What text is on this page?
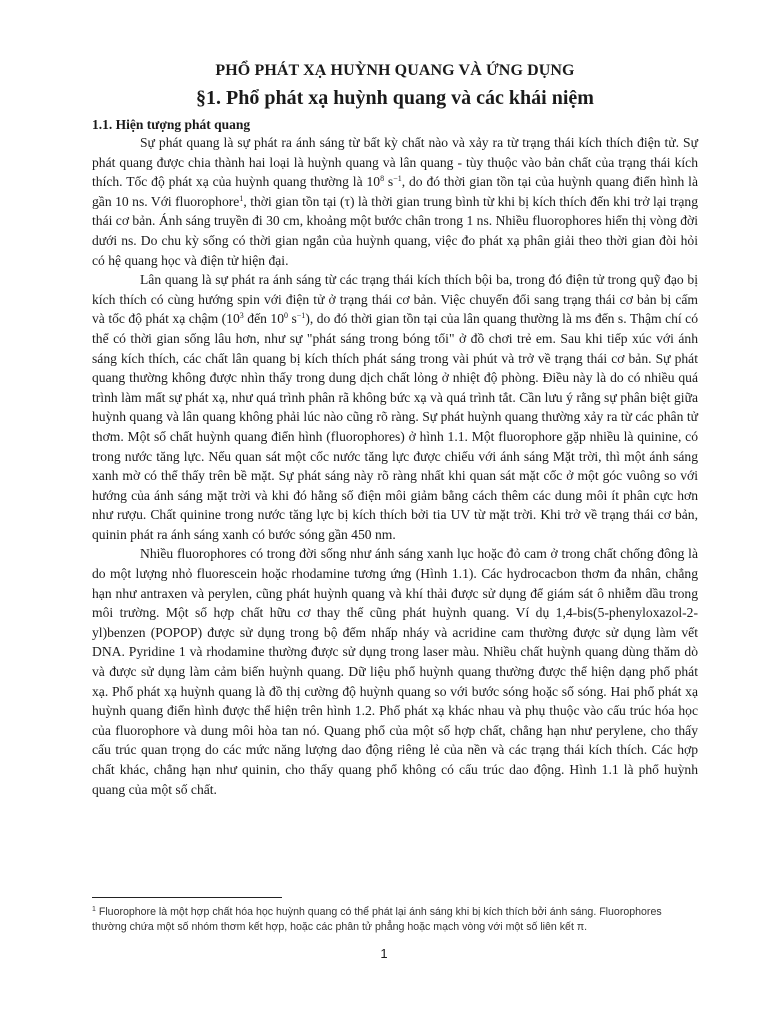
PHỔ PHÁT XẠ HUỲNH QUANG VÀ ỨNG DỤNG
§1. Phổ phát xạ huỳnh quang và các khái niệm
1.1. Hiện tượng phát quang

Sự phát quang là sự phát ra ánh sáng từ bất kỳ chất nào và xảy ra từ trạng thái kích thích điện tử. Sự phát quang được chia thành hai loại là huỳnh quang và lân quang - tùy thuộc vào bản chất của trạng thái kích thích. Tốc độ phát xạ của huỳnh quang thường là $10^8$ $s^{-1}$, do đó thời gian tồn tại của huỳnh quang điển hình là gần 10 ns. Với fluorophore$^1$, thời gian tồn tại (τ) là thời gian trung bình từ khi bị kích thích đến khi trở lại trạng thái cơ bản. Ánh sáng truyền đi 30 cm, khoảng một bước chân trong 1 ns. Nhiều fluorophores hiển thị vòng đời dưới ns. Do chu kỳ sống có thời gian ngắn của huỳnh quang, việc đo phát xạ phân giải theo thời gian đòi hỏi có hệ quang học và điện tử hiện đại.

Lân quang là sự phát ra ánh sáng từ các trạng thái kích thích bội ba, trong đó điện tử trong quỹ đạo bị kích thích có cùng hướng spin với điện tử ở trạng thái cơ bản. Việc chuyển đổi sang trạng thái cơ bản bị cấm và tốc độ phát xạ chậm ($10^3$ đến $10^0$ $s^{-1}$), do đó thời gian tồn tại của lân quang thường là ms đến s. Thậm chí có thể có thời gian sống lâu hơn, như sự "phát sáng trong bóng tối" ở đồ chơi trẻ em. Sau khi tiếp xúc với ánh sáng kích thích, các chất lân quang bị kích thích phát sáng trong vài phút và trở về trạng thái cơ bản. Sự phát quang thường không được nhìn thấy trong dung dịch chất lỏng ở nhiệt độ phòng. Điều này là do có nhiều quá trình làm mất sự phát xạ, như quá trình phân rã không bức xạ và quá trình tắt. Cần lưu ý rằng sự phân biệt giữa huỳnh quang và lân quang không phải lúc nào cũng rõ ràng. Sự phát huỳnh quang thường xảy ra từ các phân tử thơm. Một số chất huỳnh quang điển hình (fluorophores) ở hình 1.1. Một fluorophore gặp nhiều là quinine, có trong nước tăng lực. Nếu quan sát một cốc nước tăng lực được chiếu với ánh sáng Mặt trời, thì một ánh sáng xanh mờ có thể thấy trên bề mặt. Sự phát sáng này rõ ràng nhất khi quan sát mặt cốc ở một góc vuông so với hướng của ánh sáng mặt trời và khi đó hằng số điện môi giảm bằng cách thêm các dung môi ít phân cực hơn như rượu. Chất quinine trong nước tăng lực bị kích thích bởi tia UV từ mặt trời. Khi trở về trạng thái cơ bản, quinin phát ra ánh sáng xanh có bước sóng gần 450 nm.

Nhiều fluorophores có trong đời sống như ánh sáng xanh lục hoặc đỏ cam ở trong chất chống đông là do một lượng nhỏ fluorescein hoặc rhodamine tương ứng (Hình 1.1). Các hydrocacbon thơm đa nhân, chẳng hạn như antraxen và perylen, cũng phát huỳnh quang và khí thải được sử dụng để giám sát ô nhiễm dầu trong môi trường. Một số hợp chất hữu cơ thay thế cũng phát huỳnh quang. Ví dụ 1,4-bis(5-phenyloxazol-2-yl)benzen (POPOP) được sử dụng trong bộ đếm nhấp nháy và acridine cam thường được sử dụng làm vết DNA. Pyridine 1 và rhodamine thường được sử dụng trong laser màu. Nhiều chất huỳnh quang dùng thăm dò và được sử dụng làm cảm biến huỳnh quang. Dữ liệu phổ huỳnh quang thường được thể hiện dạng phổ phát xạ. Phổ phát xạ huỳnh quang là đồ thị cường độ huỳnh quang so với bước sóng hoặc số sóng. Hai phổ phát xạ huỳnh quang điển hình được thể hiện trên hình 1.2. Phổ phát xạ khác nhau và phụ thuộc vào cấu trúc hóa học của fluorophore và dung môi hòa tan nó. Quang phổ của một số hợp chất, chẳng hạn như perylene, cho thấy cấu trúc quan trọng do các mức năng lượng dao động riêng lẻ của nền và các trạng thái kích thích. Các hợp chất khác, chẳng hạn như quinin, cho thấy quang phổ không có cấu trúc dao động. Hình 1.1 là phổ huỳnh quang của một số chất.

$^1$ Fluorophore là một hợp chất hóa học huỳnh quang có thể phát lại ánh sáng khi bị kích thích bởi ánh sáng. Fluorophores thường chứa một số nhóm thơm kết hợp, hoặc các phân tử phẳng hoặc mạch vòng với một số liên kết π.
1
